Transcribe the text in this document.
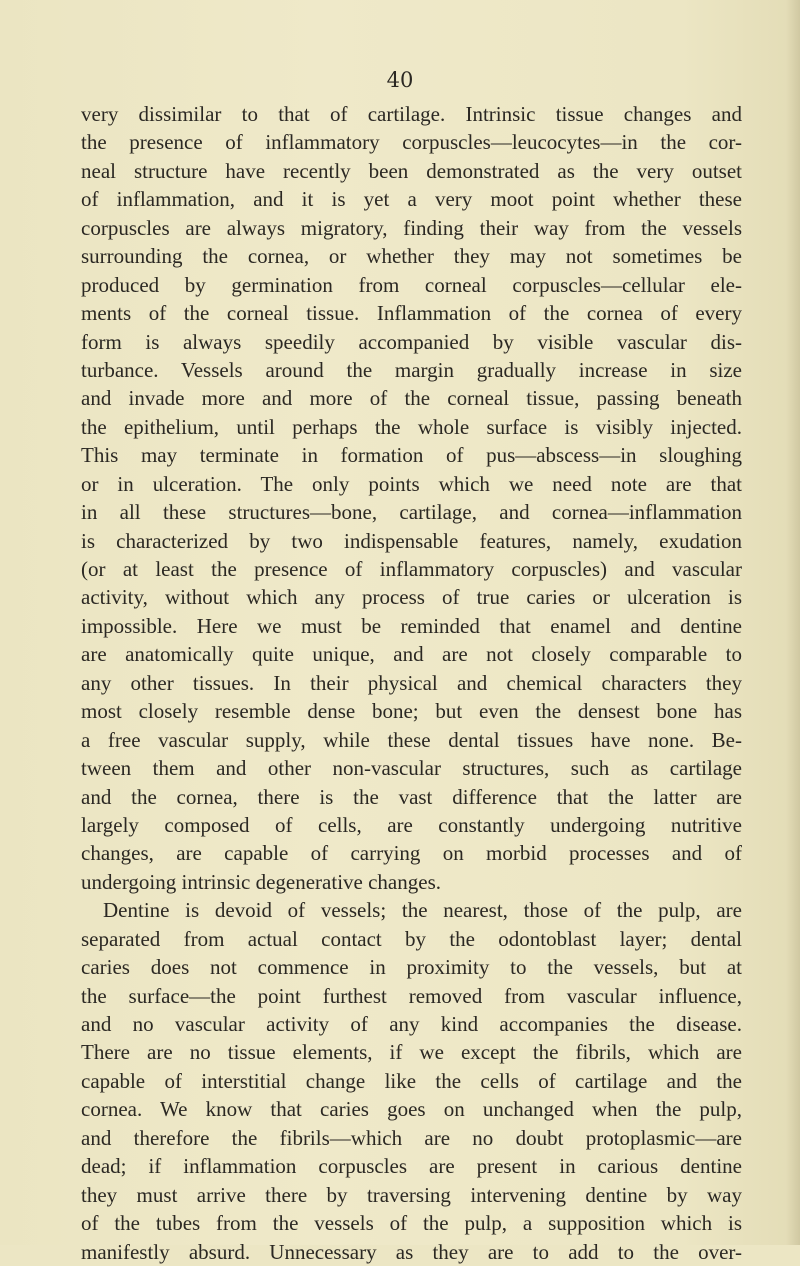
40
very dissimilar to that of cartilage. Intrinsic tissue changes and
the presence of inflammatory corpuscles—leucocytes—in the cor-
neal structure have recently been demonstrated as the very outset
of inflammation, and it is yet a very moot point whether these
corpuscles are always migratory, finding their way from the vessels
surrounding the cornea, or whether they may not sometimes be
produced by germination from corneal corpuscles—cellular ele-
ments of the corneal tissue. Inflammation of the cornea of every
form is always speedily accompanied by visible vascular dis-
turbance. Vessels around the margin gradually increase in size
and invade more and more of the corneal tissue, passing beneath
the epithelium, until perhaps the whole surface is visibly injected.
This may terminate in formation of pus—abscess—in sloughing
or in ulceration. The only points which we need note are that
in all these structures—bone, cartilage, and cornea—inflammation
is characterized by two indispensable features, namely, exudation
(or at least the presence of inflammatory corpuscles) and vascular
activity, without which any process of true caries or ulceration is
impossible. Here we must be reminded that enamel and dentine
are anatomically quite unique, and are not closely comparable to
any other tissues. In their physical and chemical characters they
most closely resemble dense bone; but even the densest bone has
a free vascular supply, while these dental tissues have none. Be-
tween them and other non-vascular structures, such as cartilage
and the cornea, there is the vast difference that the latter are
largely composed of cells, are constantly undergoing nutritive
changes, are capable of carrying on morbid processes and of
undergoing intrinsic degenerative changes.
Dentine is devoid of vessels; the nearest, those of the pulp, are
separated from actual contact by the odontoblast layer; dental
caries does not commence in proximity to the vessels, but at
the surface—the point furthest removed from vascular influence,
and no vascular activity of any kind accompanies the disease.
There are no tissue elements, if we except the fibrils, which are
capable of interstitial change like the cells of cartilage and the
cornea. We know that caries goes on unchanged when the pulp,
and therefore the fibrils—which are no doubt protoplasmic—are
dead; if inflammation corpuscles are present in carious dentine
they must arrive there by traversing intervening dentine by way
of the tubes from the vessels of the pulp, a supposition which is
manifestly absurd. Unnecessary as they are to add to the over-
